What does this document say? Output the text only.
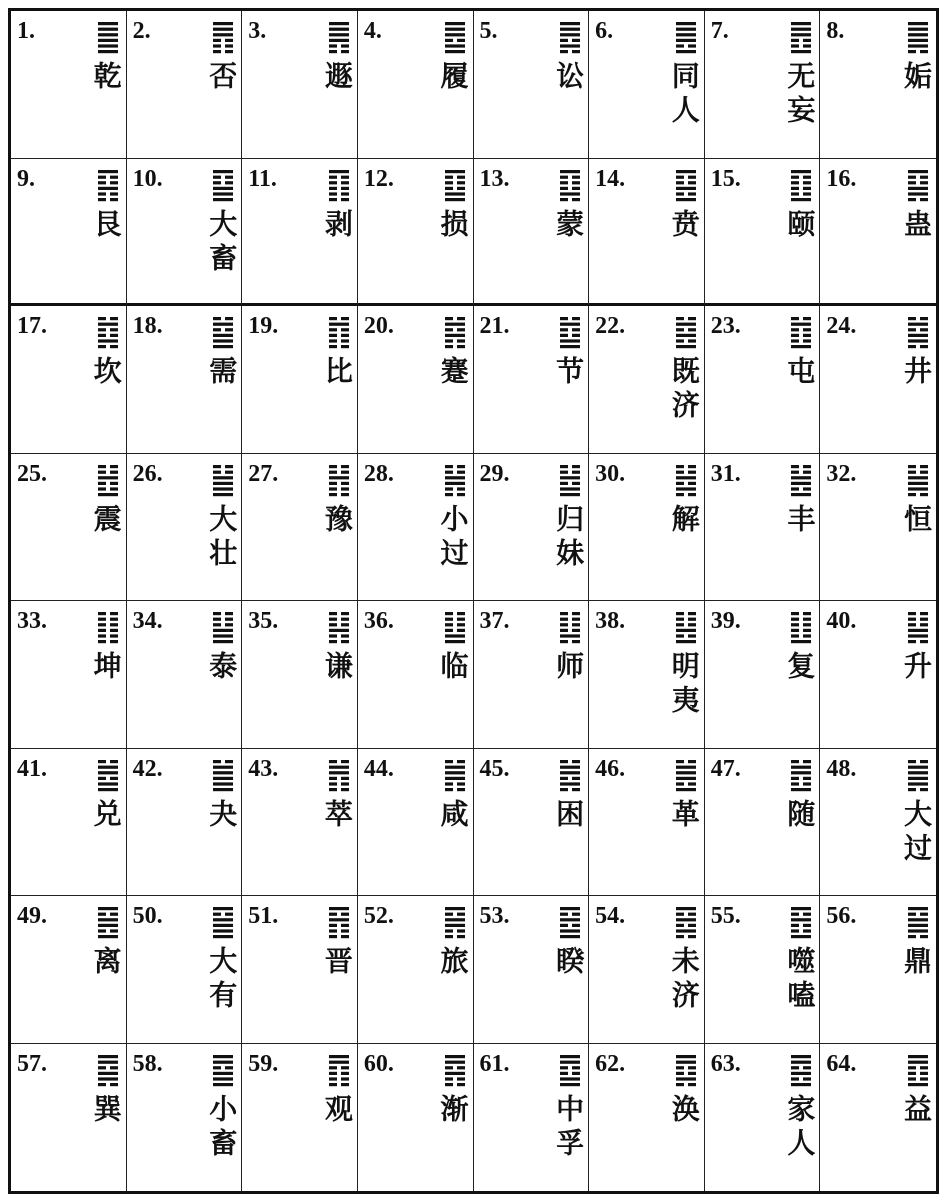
1.
乾
2.
否
3.
遯
4.
履
5.
讼
6.
同人
7.
无妄
8.
姤
9.
艮
10.
大畜
11.
剥
12.
损
13.
蒙
14.
贲
15.
颐
16.
蛊
17.
坎
18.
需
19.
比
20.
蹇
21.
节
22.
既济
23.
屯
24.
井
25.
震
26.
大壮
27.
豫
28.
小过
29.
归妹
30.
解
31.
丰
32.
恒
33.
坤
34.
泰
35.
谦
36.
临
37.
师
38.
明夷
39.
复
40.
升
41.
兑
42.
夬
43.
萃
44.
咸
45.
困
46.
革
47.
随
48.
大过
49.
离
50.
大有
51.
晋
52.
旅
53.
睽
54.
未济
55.
噬嗑
56.
鼎
57.
巽
58.
小畜
59.
观
60.
渐
61.
中孚
62.
涣
63.
家人
64.
益
